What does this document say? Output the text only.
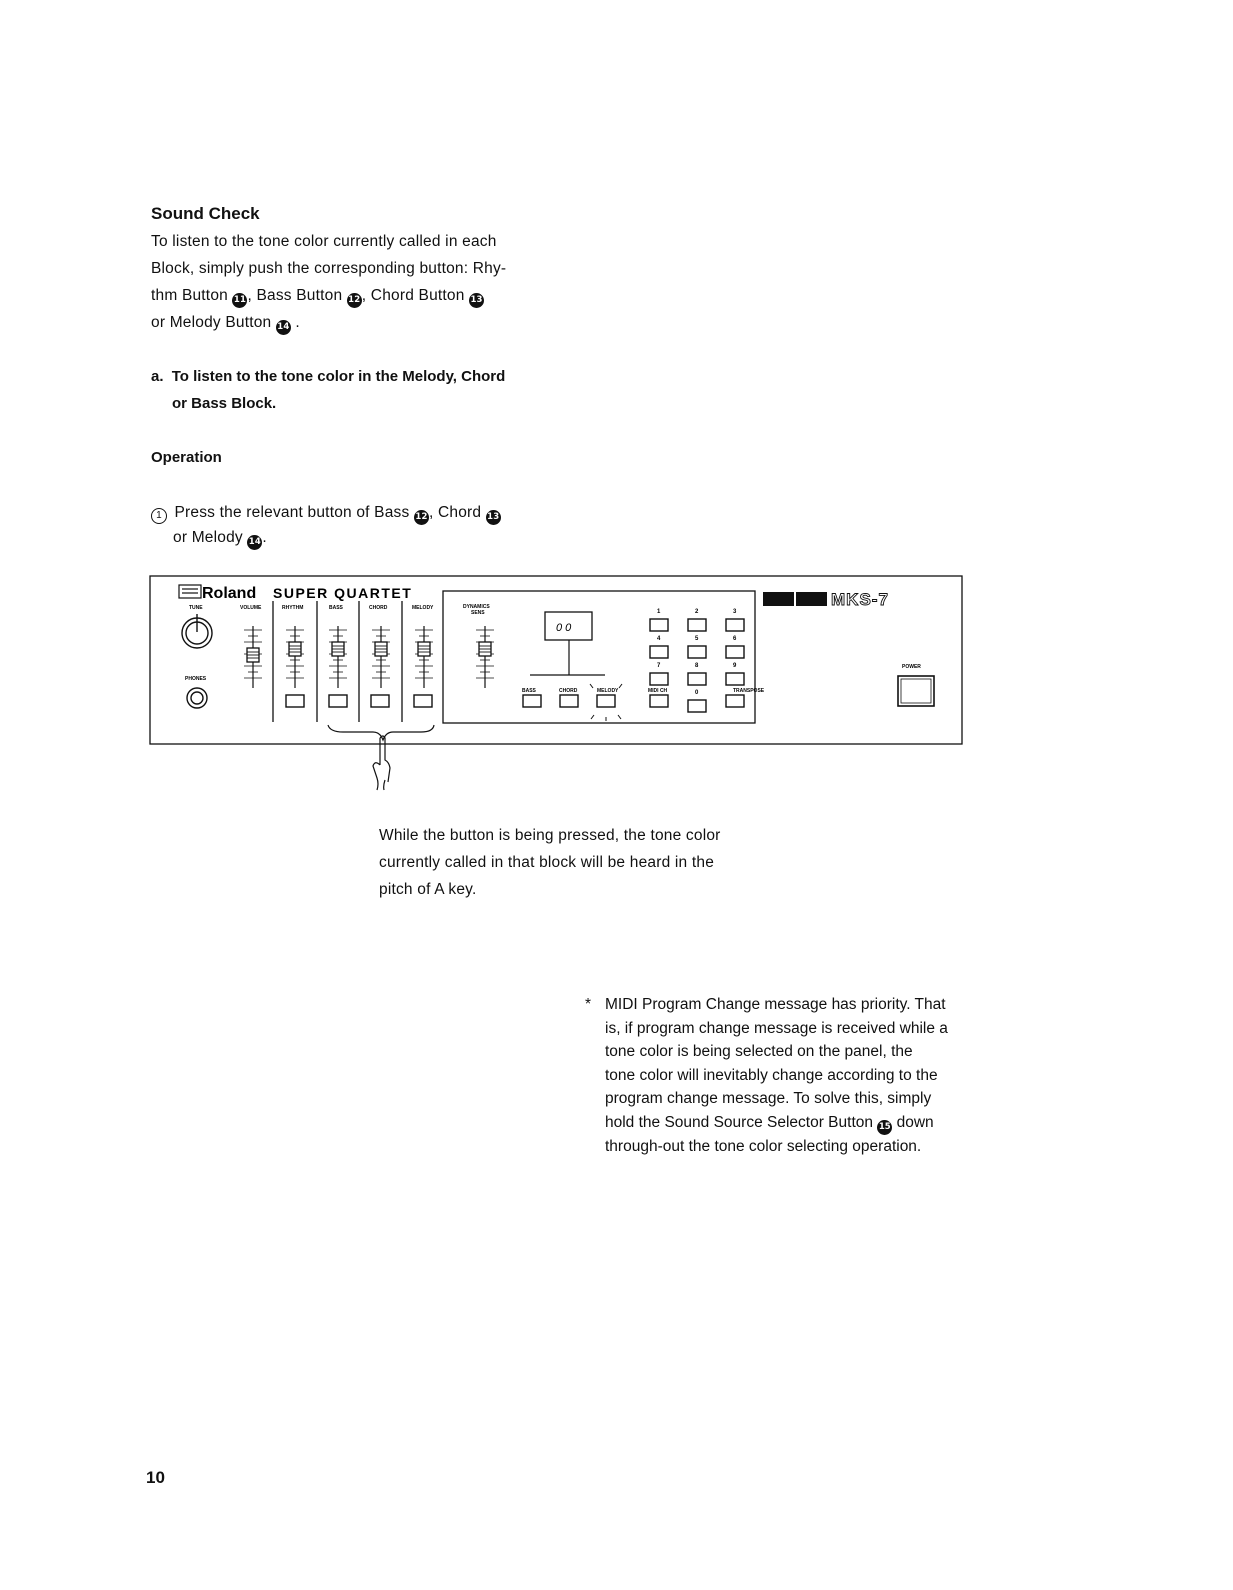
Sound Check
To listen to the tone color currently called in each
Block, simply push the corresponding button: Rhy-
thm Button 11, Bass Button 12, Chord Button 13
or Melody Button 14 .
a. To listen to the tone color in the Melody, Chord
or Bass Block.
Operation
1 Press the relevant button of Bass 12, Chord 13
or Melody 14.
Roland SUPER QUARTET
TUNE	VOLUME	RHYTHM	BASS	CHORD	MELODY
PHONES
DYNAMICS
SENS
POWER
BASS	CHORD	MELODY	MIDI CH	TRANSPOSE
0 0
1	2	3
4	5	6
7	8	9
0
MKS-7
While the button is being pressed, the tone color
currently called in that block will be heard in the
pitch of A key.
* MIDI Program Change message has priority. That

is, if program change message is received while a

tone color is being selected on the panel, the

tone color will inevitably change according to the

program change message. To solve this, simply

hold the Sound Source Selector Button 15 down

through-out the tone color selecting operation.

10
